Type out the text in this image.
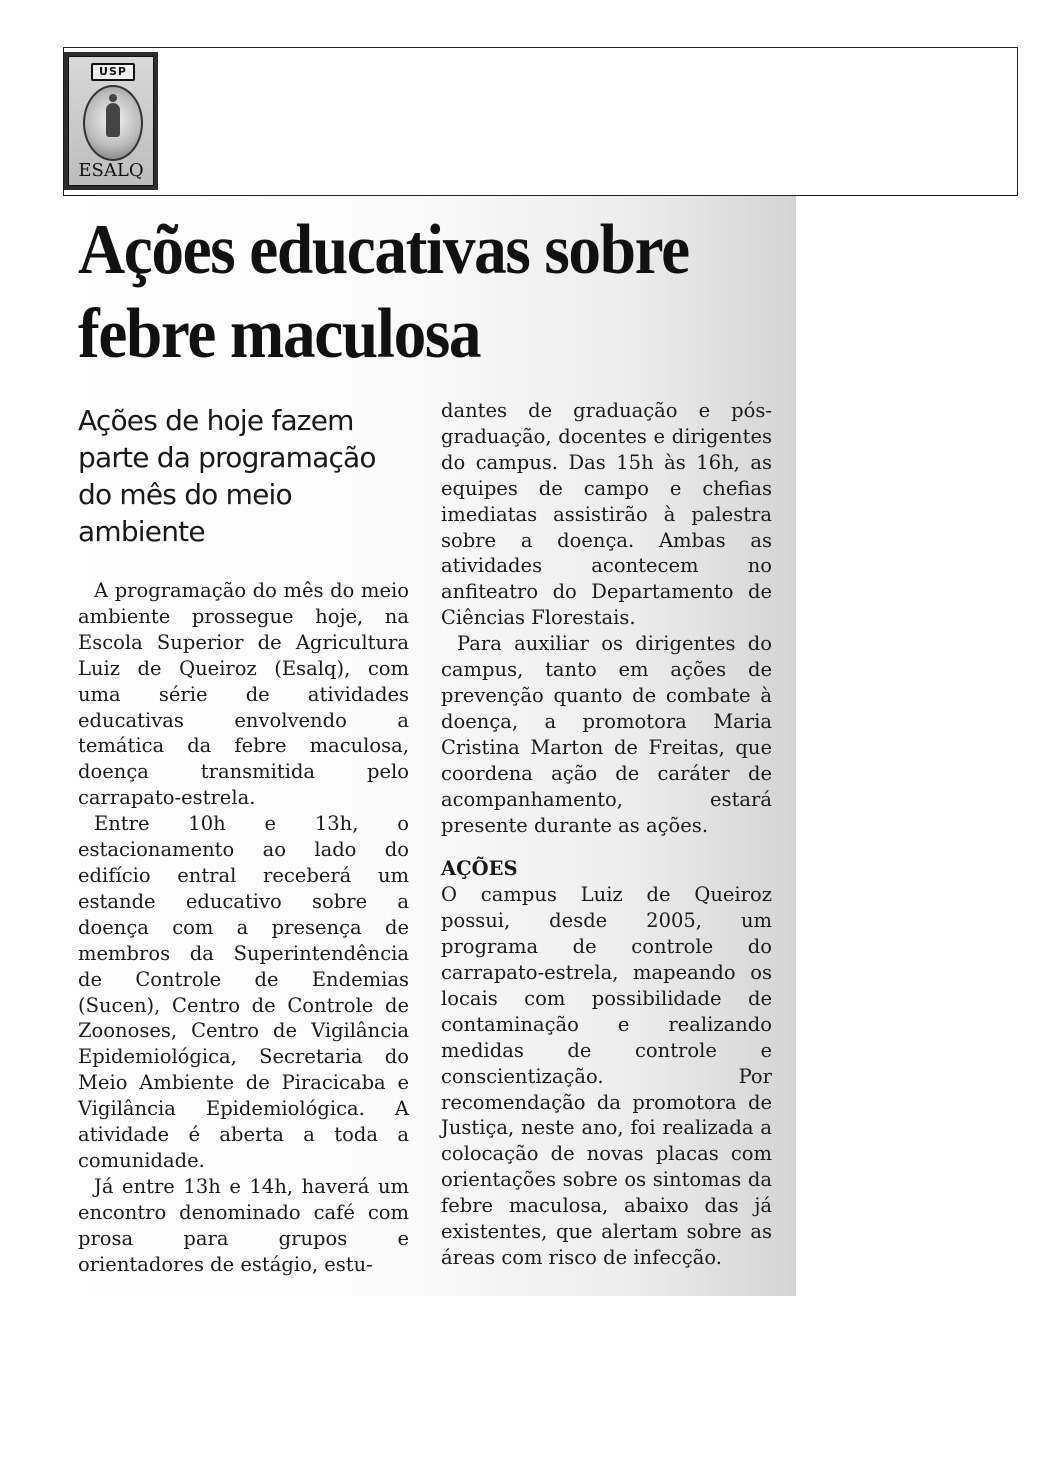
USP
ESALQ
Ações educativas sobre febre maculosa
Ações de hoje fazem parte da programação do mês do meio ambiente

A programação do mês do meio ambiente prossegue hoje, na Escola Superior de Agricultura Luiz de Queiroz (Esalq), com uma série de atividades educativas envolvendo a temática da febre maculosa, doença transmitida pelo carrapato-estrela.

Entre 10h e 13h, o estacionamento ao lado do edifício entral receberá um estande educativo sobre a doença com a presença de membros da Superintendência de Controle de Endemias (Sucen), Centro de Controle de Zoonoses, Centro de Vigilância Epidemiológica, Secretaria do Meio Ambiente de Piracicaba e Vigilância Epidemiológica. A atividade é aberta a toda a comunidade.

Já entre 13h e 14h, haverá um encontro denominado café com prosa para grupos e orientadores de estágio, estu-

dantes de graduação e pós-graduação, docentes e dirigentes do campus. Das 15h às 16h, as equipes de campo e chefias imediatas assistirão à palestra sobre a doença. Ambas as atividades acontecem no anfiteatro do Departamento de Ciências Florestais.

Para auxiliar os dirigentes do campus, tanto em ações de prevenção quanto de combate à doença, a promotora Maria Cristina Marton de Freitas, que coordena ação de caráter de acompanhamento, estará presente durante as ações.

AÇÕES

O campus Luiz de Queiroz possui, desde 2005, um programa de controle do carrapato-estrela, mapeando os locais com possibilidade de contaminação e realizando medidas de controle e conscientização. Por recomendação da promotora de Justiça, neste ano, foi realizada a colocação de novas placas com orientações sobre os sintomas da febre maculosa, abaixo das já existentes, que alertam sobre as áreas com risco de infecção.
